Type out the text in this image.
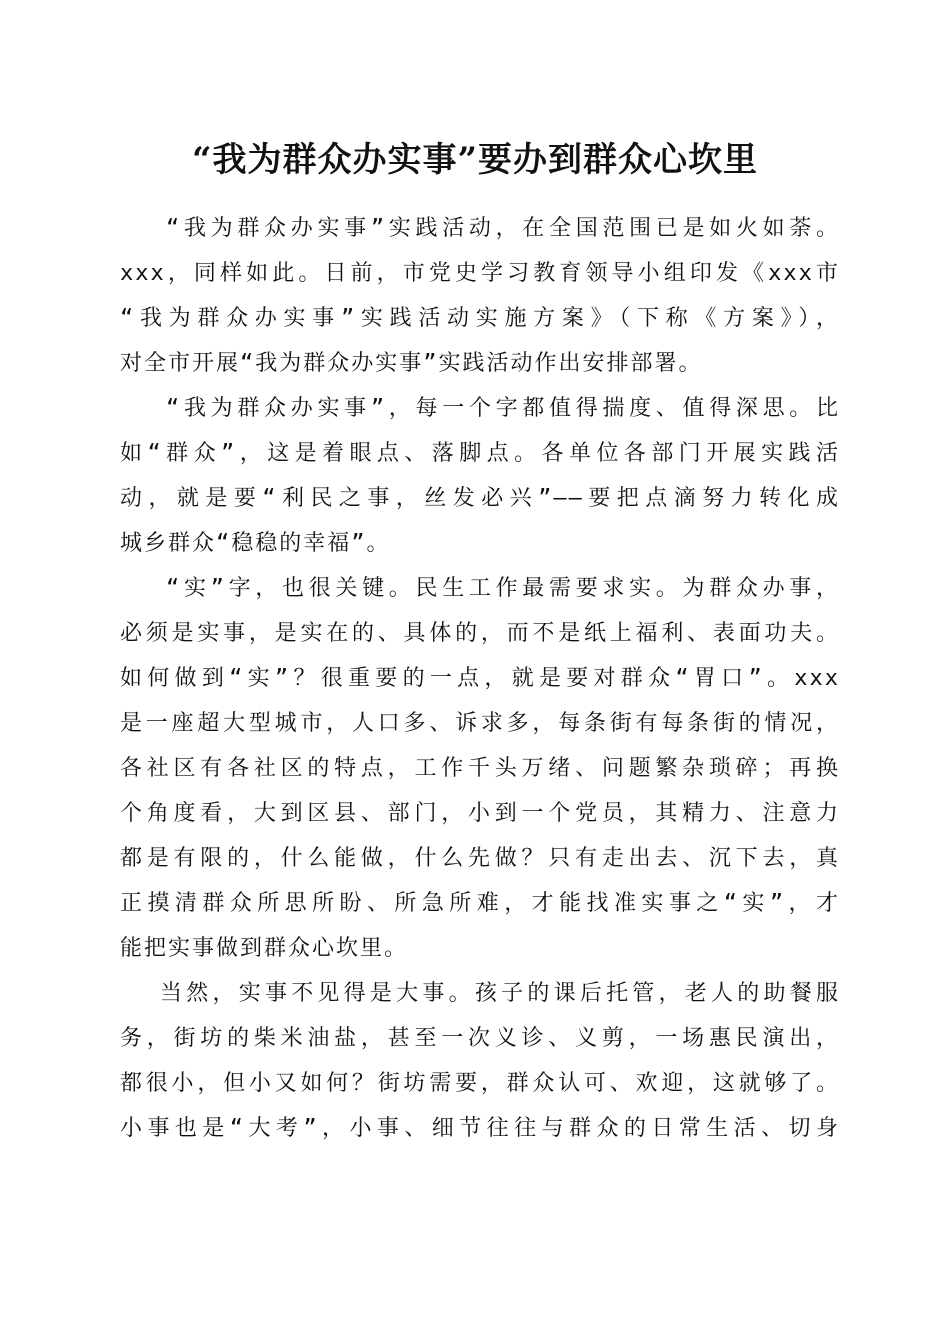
“我为群众办实事”要办到群众心坎里
“我为群众办实事”实践活动，在全国范围已是如火如荼。
xxx，同样如此。日前，市党史学习教育领导小组印发《xxx市
“我为群众办实事”实践活动实施方案》（下称《方案》），
对全市开展“我为群众办实事”实践活动作出安排部署。
“我为群众办实事”，每一个字都值得揣度、值得深思。比
如“群众”，这是着眼点、落脚点。各单位各部门开展实践活
动，就是要“利民之事，丝发必兴”——要把点滴努力转化成
城乡群众“稳稳的幸福”。
“实”字，也很关键。民生工作最需要求实。为群众办事，
必须是实事，是实在的、具体的，而不是纸上福利、表面功夫。
如何做到“实”？很重要的一点，就是要对群众“胃口”。xxx
是一座超大型城市，人口多、诉求多，每条街有每条街的情况，
各社区有各社区的特点，工作千头万绪、问题繁杂琐碎；再换
个角度看，大到区县、部门，小到一个党员，其精力、注意力
都是有限的，什么能做，什么先做？只有走出去、沉下去，真
正摸清群众所思所盼、所急所难，才能找准实事之“实”，才
能把实事做到群众心坎里。
当然，实事不见得是大事。孩子的课后托管，老人的助餐服
务，街坊的柴米油盐，甚至一次义诊、义剪，一场惠民演出，
都很小，但小又如何？街坊需要，群众认可、欢迎，这就够了。
小事也是“大考”，小事、细节往往与群众的日常生活、切身
